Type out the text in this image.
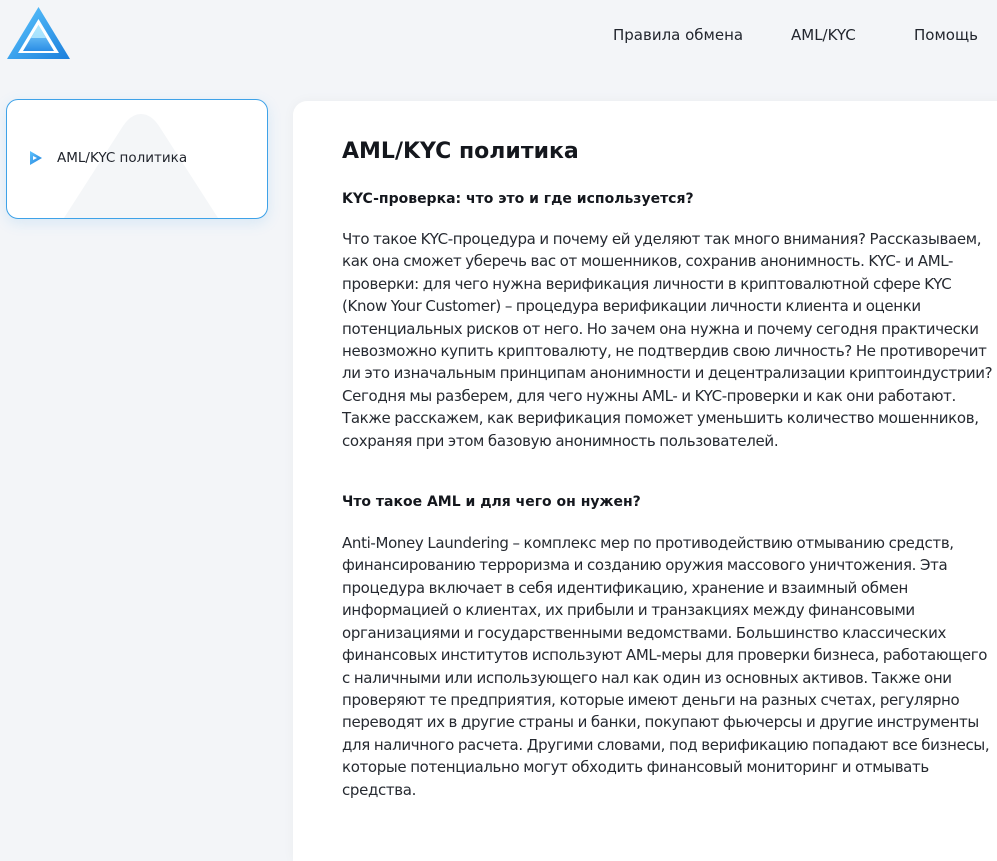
Правила обмена	AML/KYC	Помощь
AML/KYC политика	AML/KYC политика
KYC-проверка: что это и где используется?

Что такое KYC-процедура и почему ей уделяют так много внимания? Рассказываем, как она сможет уберечь вас от мошенников, сохранив анонимность. KYC- и AML-проверки: для чего нужна верификация личности в криптовалютной сфере KYC (Know Your Customer) – процедура верификации личности клиента и оценки потенциальных рисков от него. Но зачем она нужна и почему сегодня практически невозможно купить криптовалюту, не подтвердив свою личность? Не противоречит ли это изначальным принципам анонимности и децентрализации криптоиндустрии? Сегодня мы разберем, для чего нужны AML- и KYC-проверки и как они работают. Также расскажем, как верификация поможет уменьшить количество мошенников, сохраняя при этом базовую анонимность пользователей.

Что такое AML и для чего он нужен?

Anti-Money Laundering – комплекс мер по противодействию отмыванию средств, финансированию терроризма и созданию оружия массового уничтожения. Эта процедура включает в себя идентификацию, хранение и взаимный обмен информацией о клиентах, их прибыли и транзакциях между финансовыми организациями и государственными ведомствами. Большинство классических финансовых институтов используют AML-меры для проверки бизнеса, работающего с наличными или использующего нал как один из основных активов. Также они проверяют те предприятия, которые имеют деньги на разных счетах, регулярно переводят их в другие страны и банки, покупают фьючерсы и другие инструменты для наличного расчета. Другими словами, под верификацию попадают все бизнесы, которые потенциально могут обходить финансовый мониторинг и отмывать средства.
